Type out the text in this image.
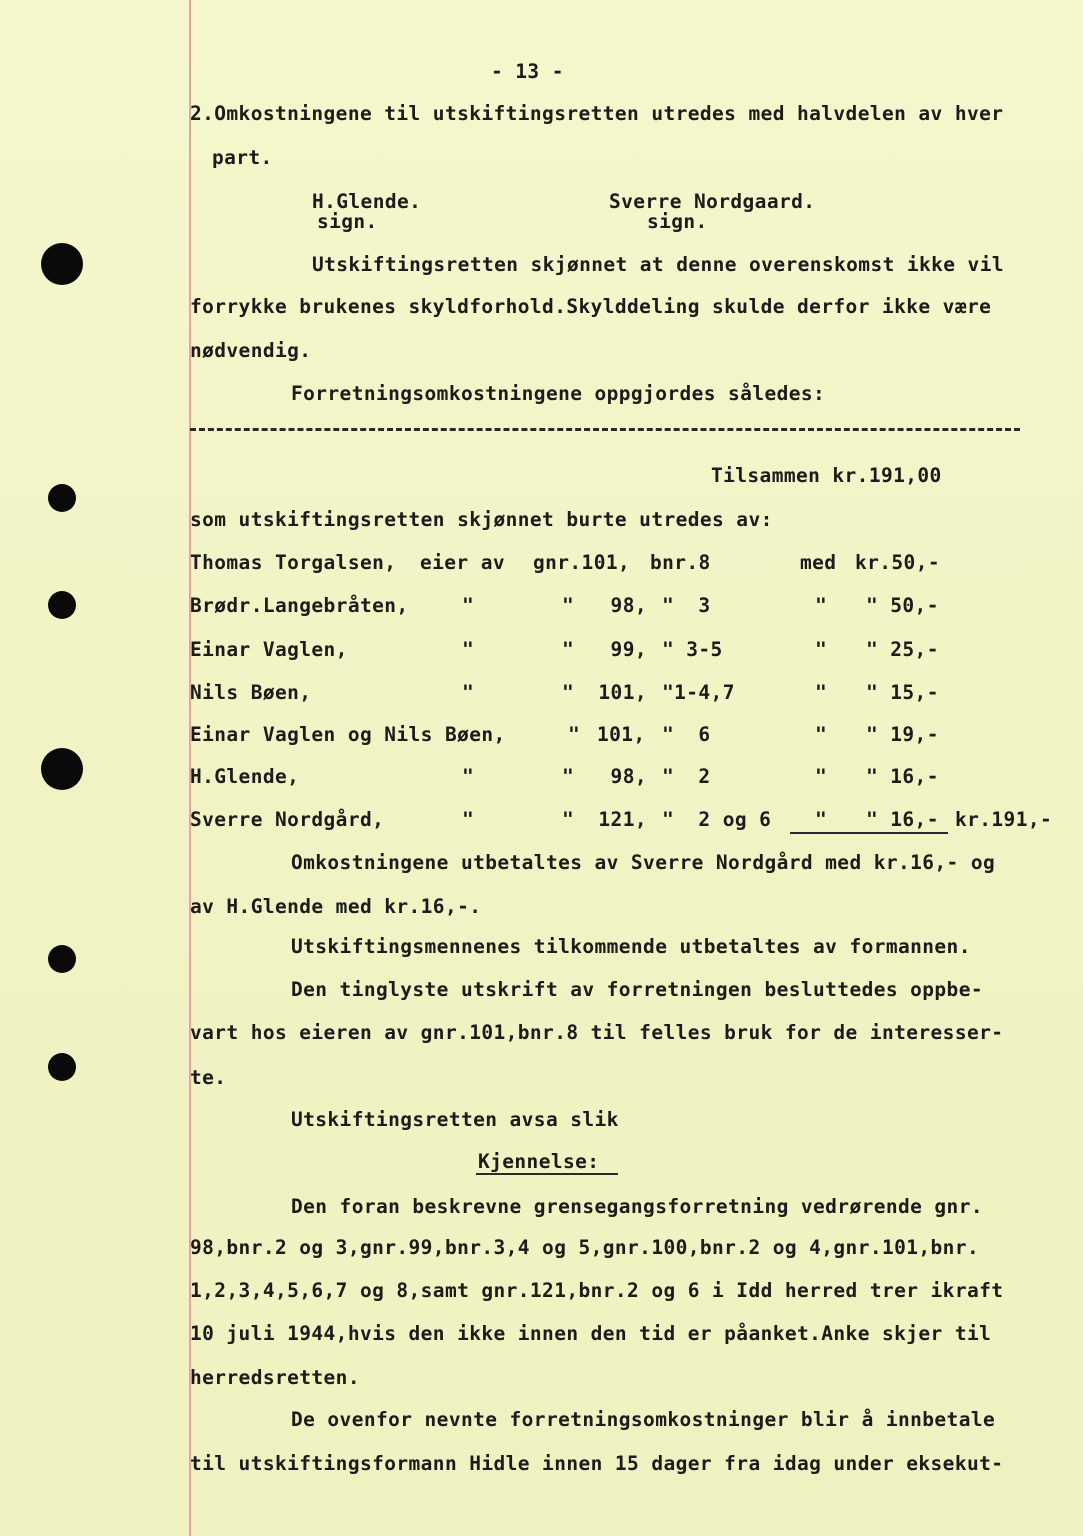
- 13 -
2.Omkostningene til utskiftingsretten utredes med halvdelen av hver
part.
H.Glende.
sign.
Sverre Nordgaard.
sign.
Utskiftingsretten skjønnet at denne overenskomst ikke vil
forrykke brukenes skyldforhold.Skylddeling skulde derfor ikke være
nødvendig.
Forretningsomkostningene oppgjordes således:
Tilsammen kr.191,00
som utskiftingsretten skjønnet burte utredes av:
Thomas Torgalsen, eier av gnr.101, bnr.8	med kr.50,-
Brødr.Langebråten,	"	"   98, "  3	" " 50,-
Einar Vaglen,	"	"   99, " 3-5	" " 25,-
Nils Bøen,	"	"  101, "1-4,7	" " 15,-
Einar Vaglen og Nils Bøen,	" 101, "  6	" " 19,-
H.Glende,	"	"   98, "  2	" " 16,-
Sverre Nordgård,	"	"  121, "  2 og 6 " " 16,- kr.191,-
Omkostningene utbetaltes av Sverre Nordgård med kr.16,- og
av H.Glende med kr.16,-.
Utskiftingsmennenes tilkommende utbetaltes av formannen.
Den tinglyste utskrift av forretningen besluttedes oppbe-
vart hos eieren av gnr.101,bnr.8 til felles bruk for de interesser-
te.
Utskiftingsretten avsa slik
Kjennelse:
Den foran beskrevne grensegangsforretning vedrørende gnr.
98,bnr.2 og 3,gnr.99,bnr.3,4 og 5,gnr.100,bnr.2 og 4,gnr.101,bnr.
1,2,3,4,5,6,7 og 8,samt gnr.121,bnr.2 og 6 i Idd herred trer ikraft
10 juli 1944,hvis den ikke innen den tid er påanket.Anke skjer til
herredsretten.
De ovenfor nevnte forretningsomkostninger blir å innbetale
til utskiftingsformann Hidle innen 15 dager fra idag under eksekut-
